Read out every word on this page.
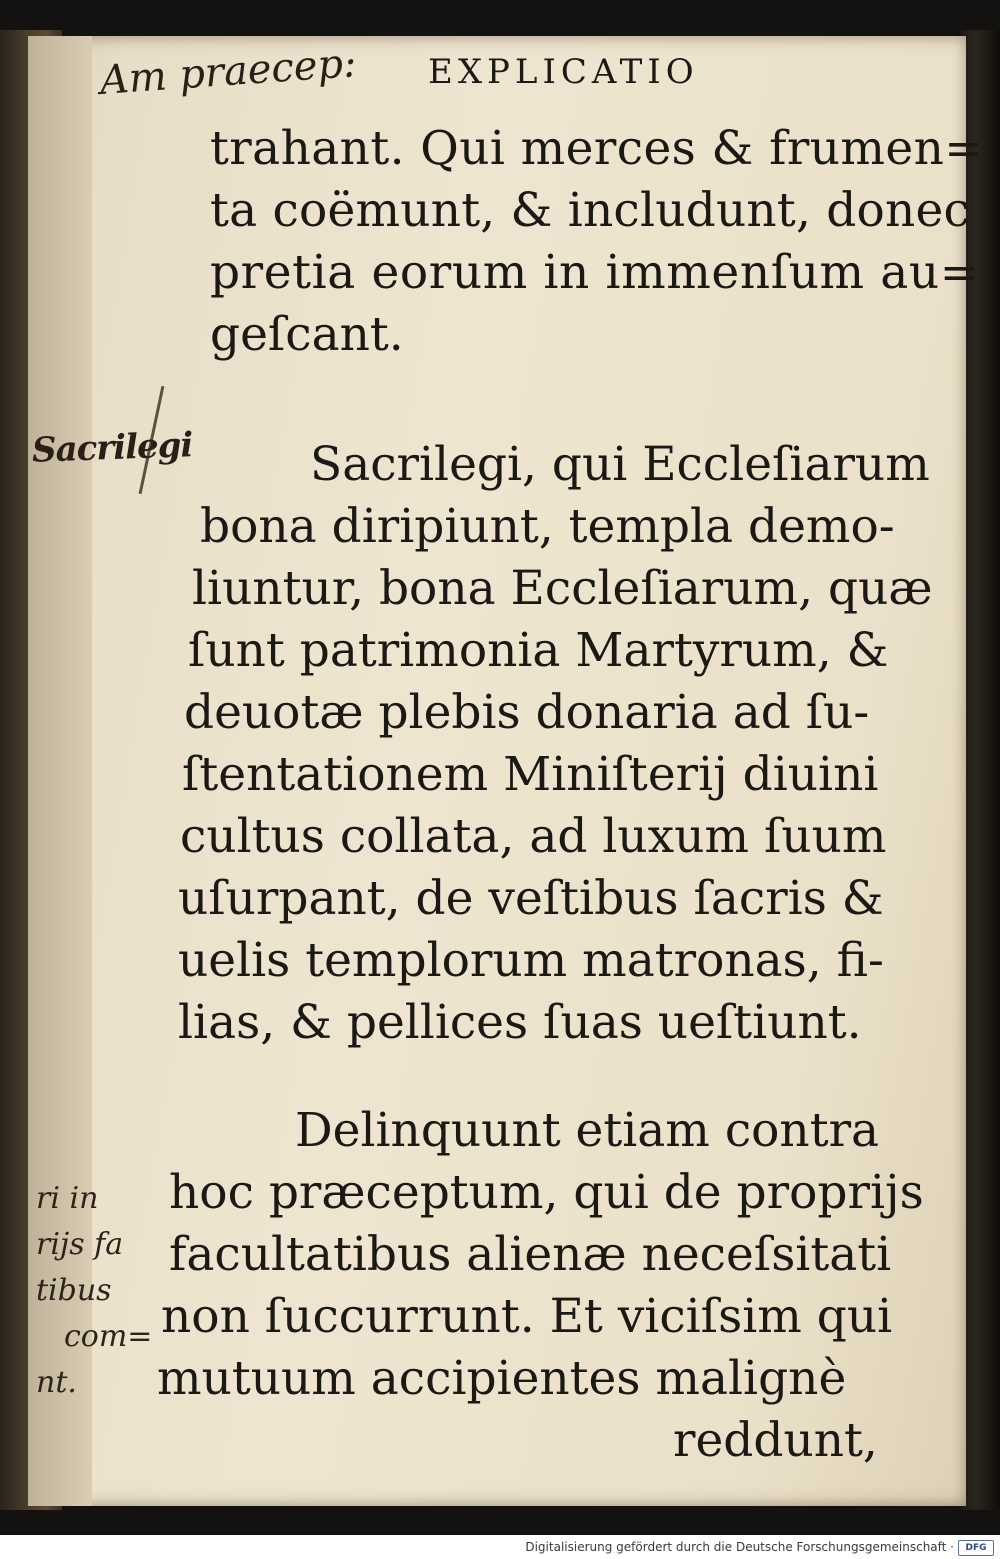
EXPLICATIO
Am praecep:
Sacrilegi
trahant. Qui merces & frumen=
ta coëmunt, & includunt, donec
pretia eorum in immenſum au=
geſcant.
Sacrilegi, qui Eccleſiarum
bona diripiunt, templa demo-
liuntur, bona Eccleſiarum, quæ
ſunt patrimonia Martyrum, &
deuotæ plebis donaria ad ſu-
ſtentationem Miniſterij diuini
cultus collata, ad luxum ſuum
uſurpant, de veſtibus ſacris &
uelis templorum matronas, fi-
lias, & pellices ſuas ueſtiunt.
Delinquunt etiam contra
hoc præceptum, qui de proprijs
facultatibus alienæ neceſsitati
non ſuccurrunt. Et viciſsim qui
mutuum accipientes malignè
reddunt,
ri in
rijs fa
tibus
com=
nt.
Digitalisierung gefördert durch die Deutsche Forschungsgemeinschaft ·	DFG
